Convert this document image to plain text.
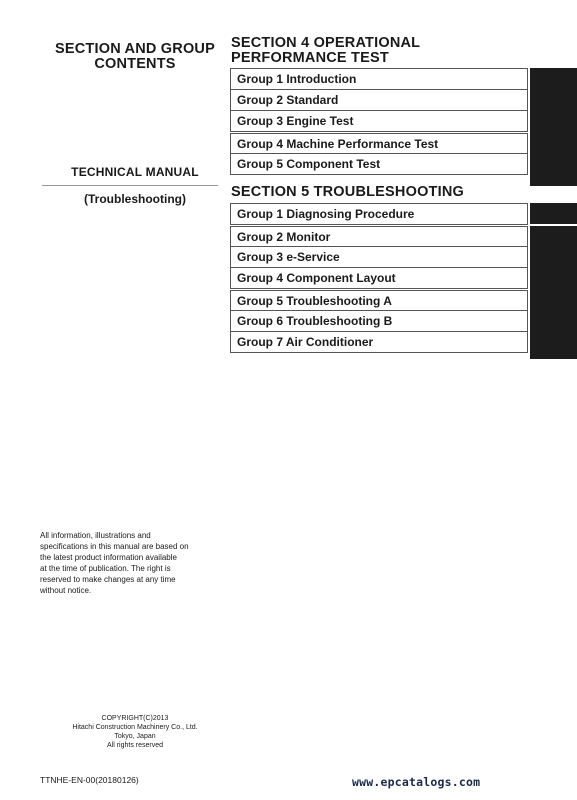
SECTION AND GROUP
CONTENTS
TECHNICAL MANUAL
(Troubleshooting)
SECTION 4 OPERATIONAL
PERFORMANCE TEST
Group 1 Introduction
Group 2 Standard
Group 3 Engine Test
Group 4 Machine Performance Test
Group 5 Component Test
SECTION 5 TROUBLESHOOTING
Group 1 Diagnosing Procedure
Group 2 Monitor
Group 3 e-Service
Group 4 Component Layout
Group 5 Troubleshooting A
Group 6 Troubleshooting B
Group 7 Air Conditioner
All information, illustrations and
specifications in this manual are based on
the latest product information available
at the time of publication. The right is
reserved to make changes at any time
without notice.
COPYRIGHT(C)2013
Hitachi Construction Machinery Co., Ltd.
Tokyo, Japan
All rights reserved
TTNHE-EN-00(20180126)	www.epcatalogs.com
